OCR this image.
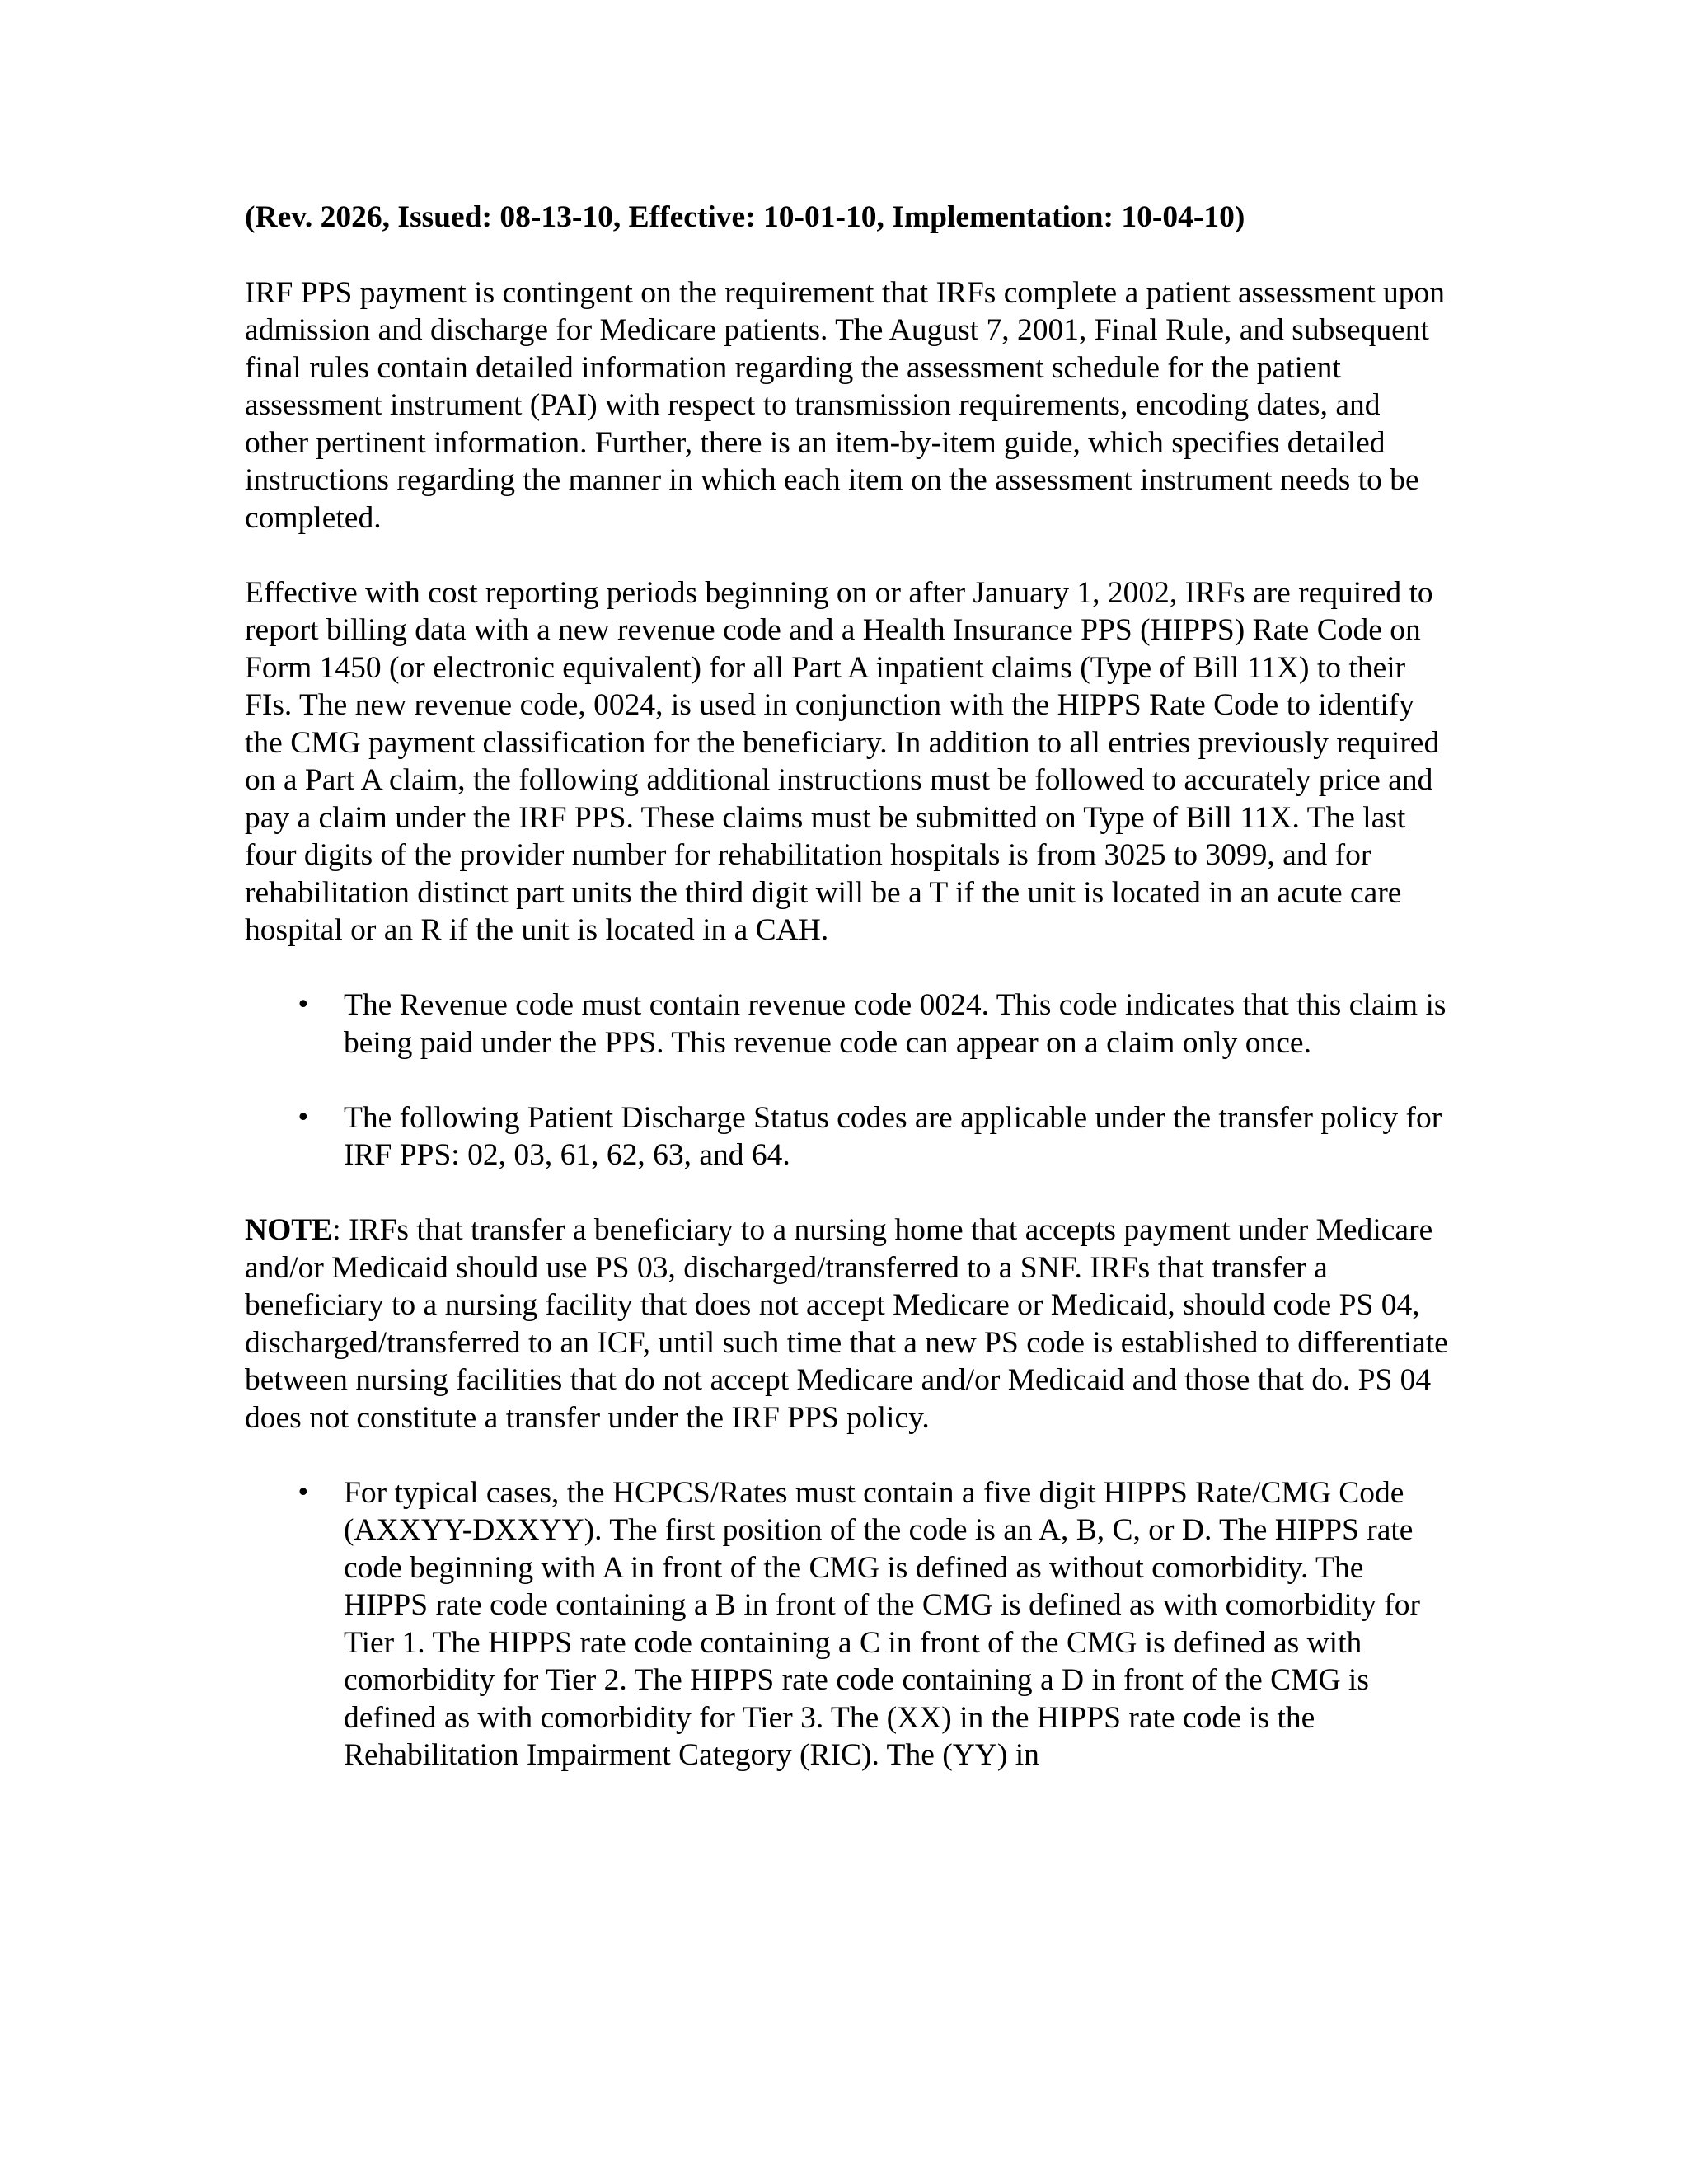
(Rev. 2026, Issued: 08-13-10, Effective: 10-01-10, Implementation: 10-04-10)

IRF PPS payment is contingent on the requirement that IRFs complete a patient assessment upon admission and discharge for Medicare patients. The August 7, 2001, Final Rule, and subsequent final rules contain detailed information regarding the assessment schedule for the patient assessment instrument (PAI) with respect to transmission requirements, encoding dates, and other pertinent information. Further, there is an item-by-item guide, which specifies detailed instructions regarding the manner in which each item on the assessment instrument needs to be completed.

Effective with cost reporting periods beginning on or after January 1, 2002, IRFs are required to report billing data with a new revenue code and a Health Insurance PPS (HIPPS) Rate Code on Form 1450 (or electronic equivalent) for all Part A inpatient claims (Type of Bill 11X) to their FIs. The new revenue code, 0024, is used in conjunction with the HIPPS Rate Code to identify the CMG payment classification for the beneficiary. In addition to all entries previously required on a Part A claim, the following additional instructions must be followed to accurately price and pay a claim under the IRF PPS. These claims must be submitted on Type of Bill 11X. The last four digits of the provider number for rehabilitation hospitals is from 3025 to 3099, and for rehabilitation distinct part units the third digit will be a T if the unit is located in an acute care hospital or an R if the unit is located in a CAH.

• The Revenue code must contain revenue code 0024. This code indicates that this claim is being paid under the PPS. This revenue code can appear on a claim only once.
• The following Patient Discharge Status codes are applicable under the transfer policy for IRF PPS: 02, 03, 61, 62, 63, and 64.

NOTE: IRFs that transfer a beneficiary to a nursing home that accepts payment under Medicare and/or Medicaid should use PS 03, discharged/transferred to a SNF. IRFs that transfer a beneficiary to a nursing facility that does not accept Medicare or Medicaid, should code PS 04, discharged/transferred to an ICF, until such time that a new PS code is established to differentiate between nursing facilities that do not accept Medicare and/or Medicaid and those that do. PS 04 does not constitute a transfer under the IRF PPS policy.

• For typical cases, the HCPCS/Rates must contain a five digit HIPPS Rate/CMG Code (AXXYY-DXXYY). The first position of the code is an A, B, C, or D. The HIPPS rate code beginning with A in front of the CMG is defined as without comorbidity. The HIPPS rate code containing a B in front of the CMG is defined as with comorbidity for Tier 1. The HIPPS rate code containing a C in front of the CMG is defined as with comorbidity for Tier 2. The HIPPS rate code containing a D in front of the CMG is defined as with comorbidity for Tier 3. The (XX) in the HIPPS rate code is the Rehabilitation Impairment Category (RIC). The (YY) in
